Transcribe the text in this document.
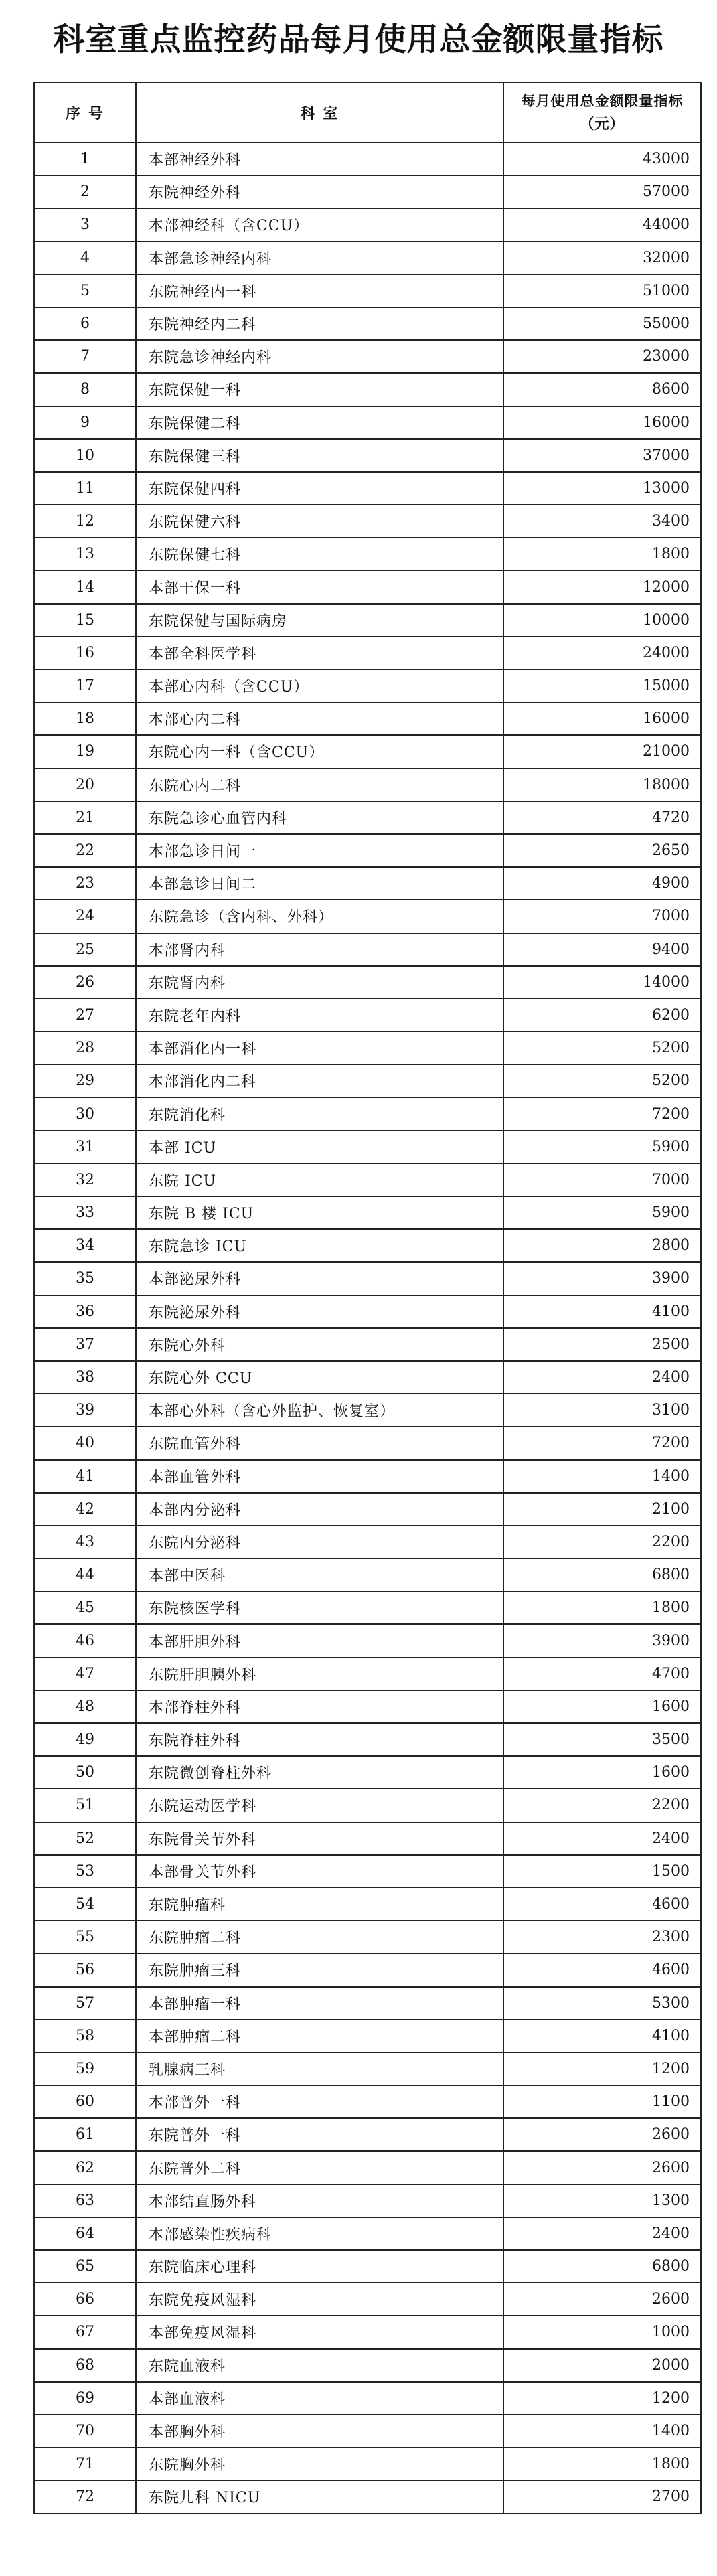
科室重点监控药品每月使用总金额限量指标
序 号	科 室	每月使用总金额限量指标（元）
1	本部神经外科	43000
2	东院神经外科	57000
3	本部神经科（含CCU）	44000
4	本部急诊神经内科	32000
5	东院神经内一科	51000
6	东院神经内二科	55000
7	东院急诊神经内科	23000
8	东院保健一科	8600
9	东院保健二科	16000
10	东院保健三科	37000
11	东院保健四科	13000
12	东院保健六科	3400
13	东院保健七科	1800
14	本部干保一科	12000
15	东院保健与国际病房	10000
16	本部全科医学科	24000
17	本部心内科（含CCU）	15000
18	本部心内二科	16000
19	东院心内一科（含CCU）	21000
20	东院心内二科	18000
21	东院急诊心血管内科	4720
22	本部急诊日间一	2650
23	本部急诊日间二	4900
24	东院急诊（含内科、外科）	7000
25	本部肾内科	9400
26	东院肾内科	14000
27	东院老年内科	6200
28	本部消化内一科	5200
29	本部消化内二科	5200
30	东院消化科	7200
31	本部 ICU	5900
32	东院 ICU	7000
33	东院 B 楼 ICU	5900
34	东院急诊 ICU	2800
35	本部泌尿外科	3900
36	东院泌尿外科	4100
37	东院心外科	2500
38	东院心外 CCU	2400
39	本部心外科（含心外监护、恢复室）	3100
40	东院血管外科	7200
41	本部血管外科	1400
42	本部内分泌科	2100
43	东院内分泌科	2200
44	本部中医科	6800
45	东院核医学科	1800
46	本部肝胆外科	3900
47	东院肝胆胰外科	4700
48	本部脊柱外科	1600
49	东院脊柱外科	3500
50	东院微创脊柱外科	1600
51	东院运动医学科	2200
52	东院骨关节外科	2400
53	本部骨关节外科	1500
54	东院肿瘤科	4600
55	东院肿瘤二科	2300
56	东院肿瘤三科	4600
57	本部肿瘤一科	5300
58	本部肿瘤二科	4100
59	乳腺病三科	1200
60	本部普外一科	1100
61	东院普外一科	2600
62	东院普外二科	2600
63	本部结直肠外科	1300
64	本部感染性疾病科	2400
65	东院临床心理科	6800
66	东院免疫风湿科	2600
67	本部免疫风湿科	1000
68	东院血液科	2000
69	本部血液科	1200
70	本部胸外科	1400
71	东院胸外科	1800
72	东院儿科 NICU	2700
